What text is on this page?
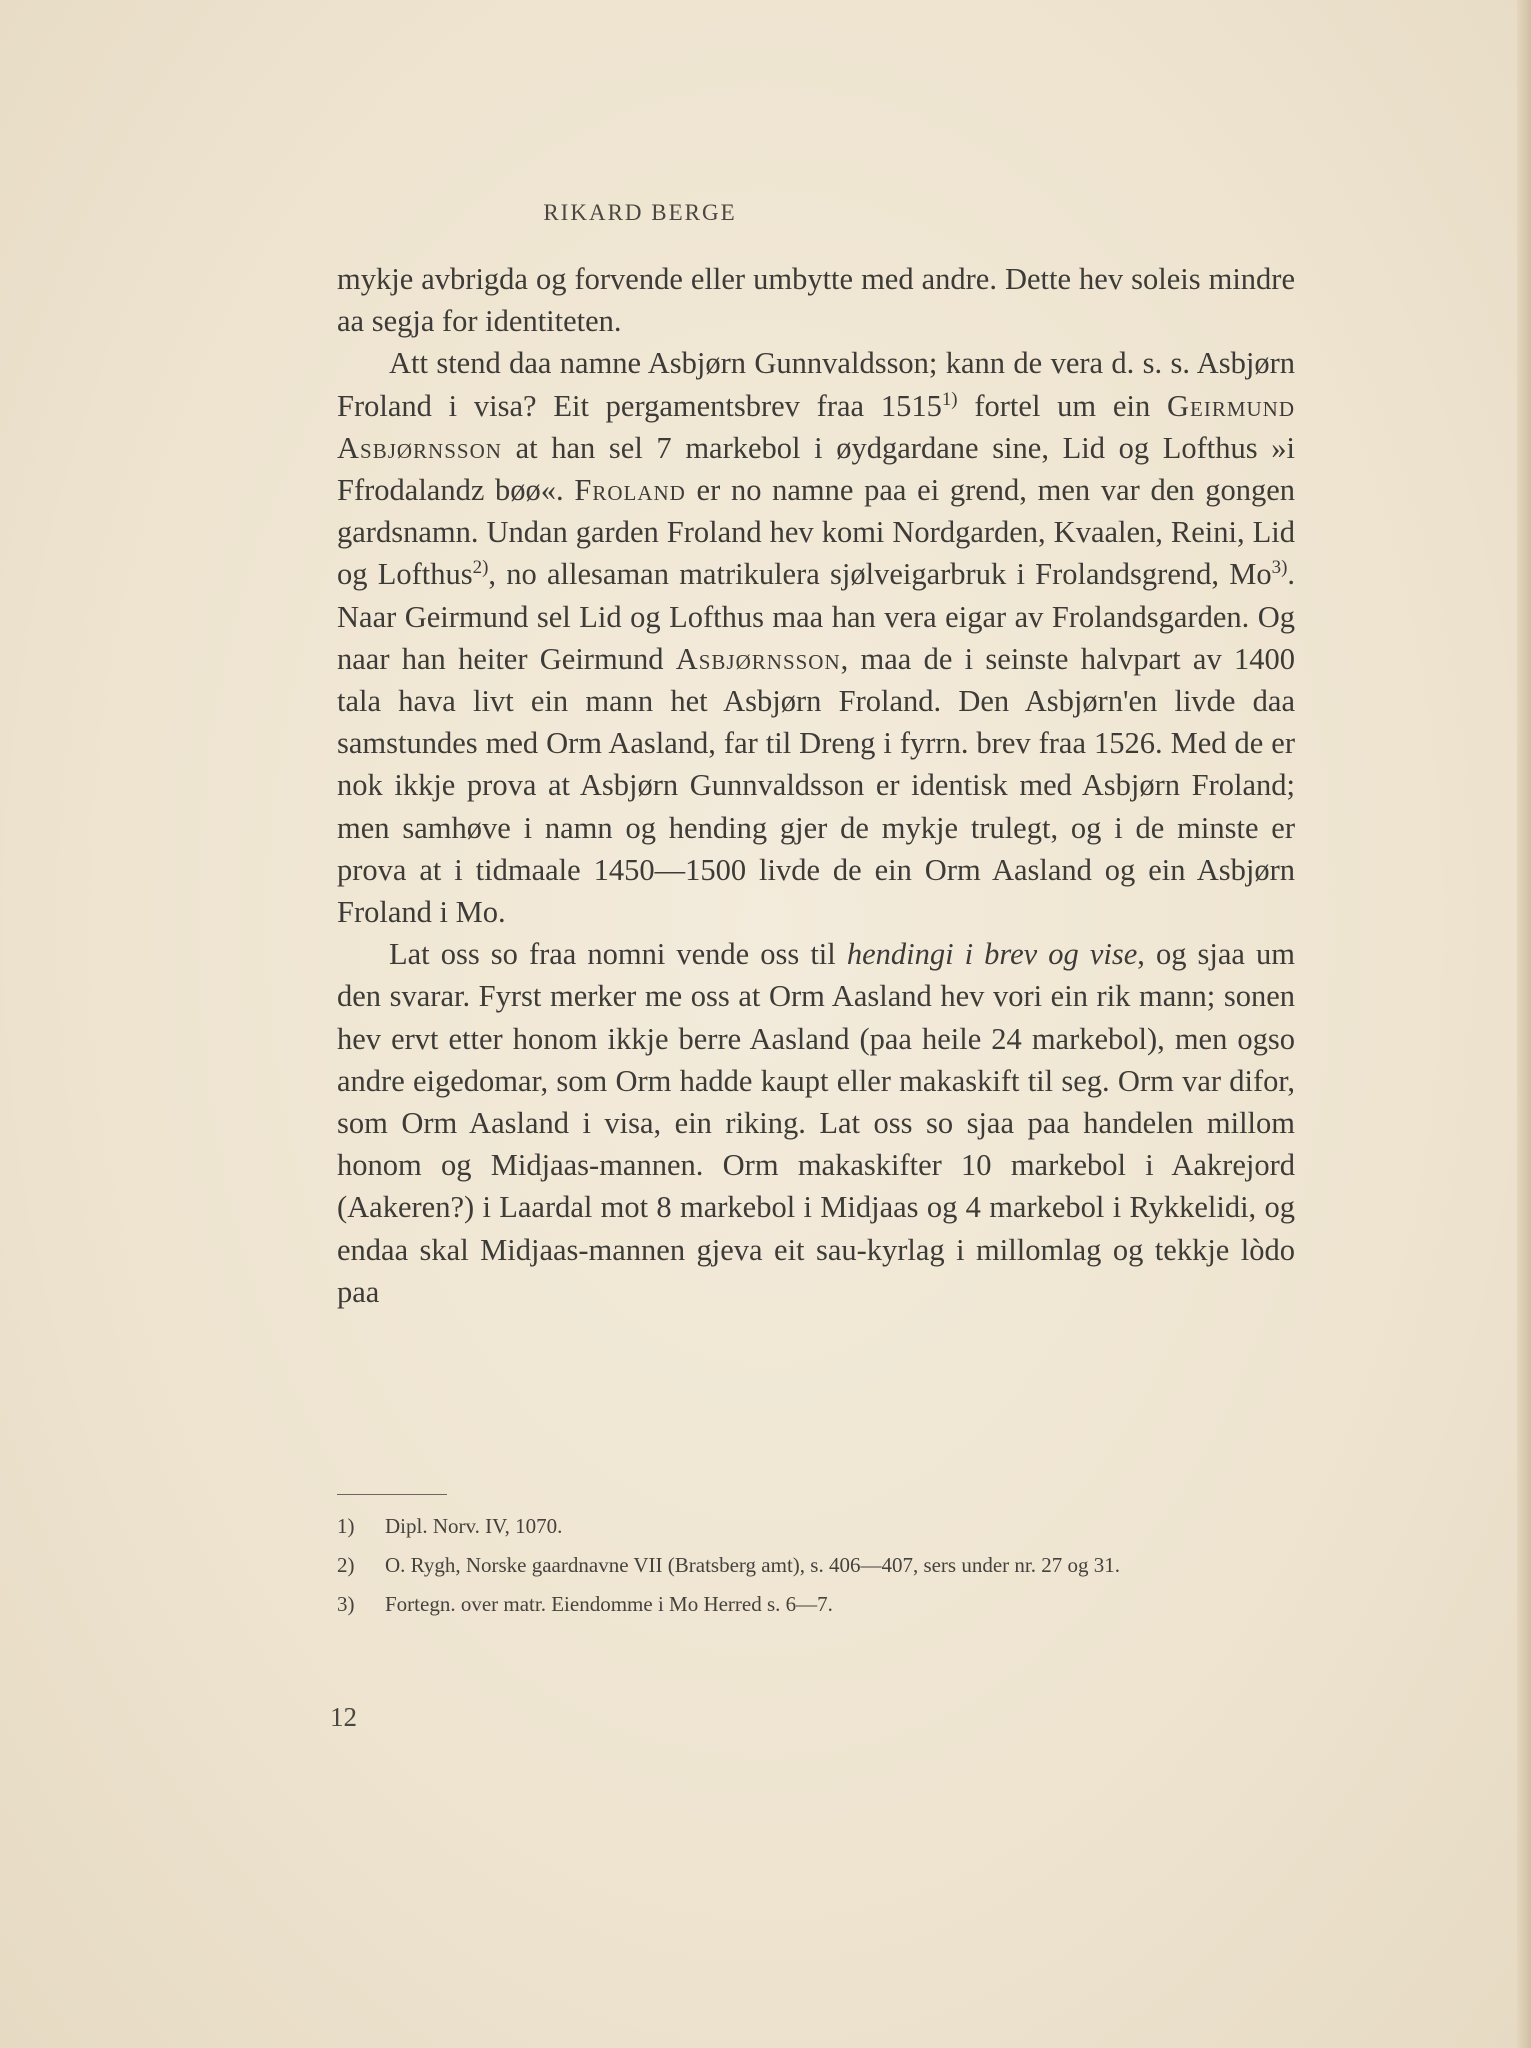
RIKARD BERGE

mykje avbrigda og forvende eller umbytte med andre. Dette hev soleis mindre aa segja for identiteten.

Att stend daa namne Asbjørn Gunnvaldsson; kann de vera d. s. s. Asbjørn Froland i visa? Eit pergamentsbrev fraa 1515$^{1)}$ fortel um ein Geirmund Asbjørnsson at han sel 7 markebol i øydgardane sine, Lid og Lofthus »i Ffrodalandz bøø«. Froland er no namne paa ei grend, men var den gongen gardsnamn. Undan garden Froland hev komi Nordgarden, Kvaalen, Reini, Lid og Lofthus$^{2)}$, no allesaman matrikulera sjølveigarbruk i Frolandsgrend, Mo$^{3)}$. Naar Geirmund sel Lid og Lofthus maa han vera eigar av Frolandsgarden. Og naar han heiter Geirmund Asbjørnsson, maa de i seinste halvpart av 1400 tala hava livt ein mann het Asbjørn Froland. Den Asbjørn'en livde daa samstundes med Orm Aasland, far til Dreng i fyrrn. brev fraa 1526. Med de er nok ikkje prova at Asbjørn Gunnvaldsson er identisk med Asbjørn Froland; men samhøve i namn og hending gjer de mykje trulegt, og i de minste er prova at i tidmaale 1450—1500 livde de ein Orm Aasland og ein Asbjørn Froland i Mo.

Lat oss so fraa nomni vende oss til hendingi i brev og vise, og sjaa um den svarar. Fyrst merker me oss at Orm Aasland hev vori ein rik mann; sonen hev ervt etter honom ikkje berre Aasland (paa heile 24 markebol), men ogso andre eigedomar, som Orm hadde kaupt eller makaskift til seg. Orm var difor, som Orm Aasland i visa, ein riking. Lat oss so sjaa paa handelen millom honom og Midjaas-mannen. Orm makaskifter 10 markebol i Aakrejord (Aakeren?) i Laardal mot 8 markebol i Midjaas og 4 markebol i Rykkelidi, og endaa skal Midjaas-mannen gjeva eit sau-kyrlag i millomlag og tekkje lòdo paa

1) Dipl. Norv. IV, 1070.
2) O. Rygh, Norske gaardnavne VII (Bratsberg amt), s. 406—407, sers under nr. 27 og 31.
3) Fortegn. over matr. Eiendomme i Mo Herred s. 6—7.
12
